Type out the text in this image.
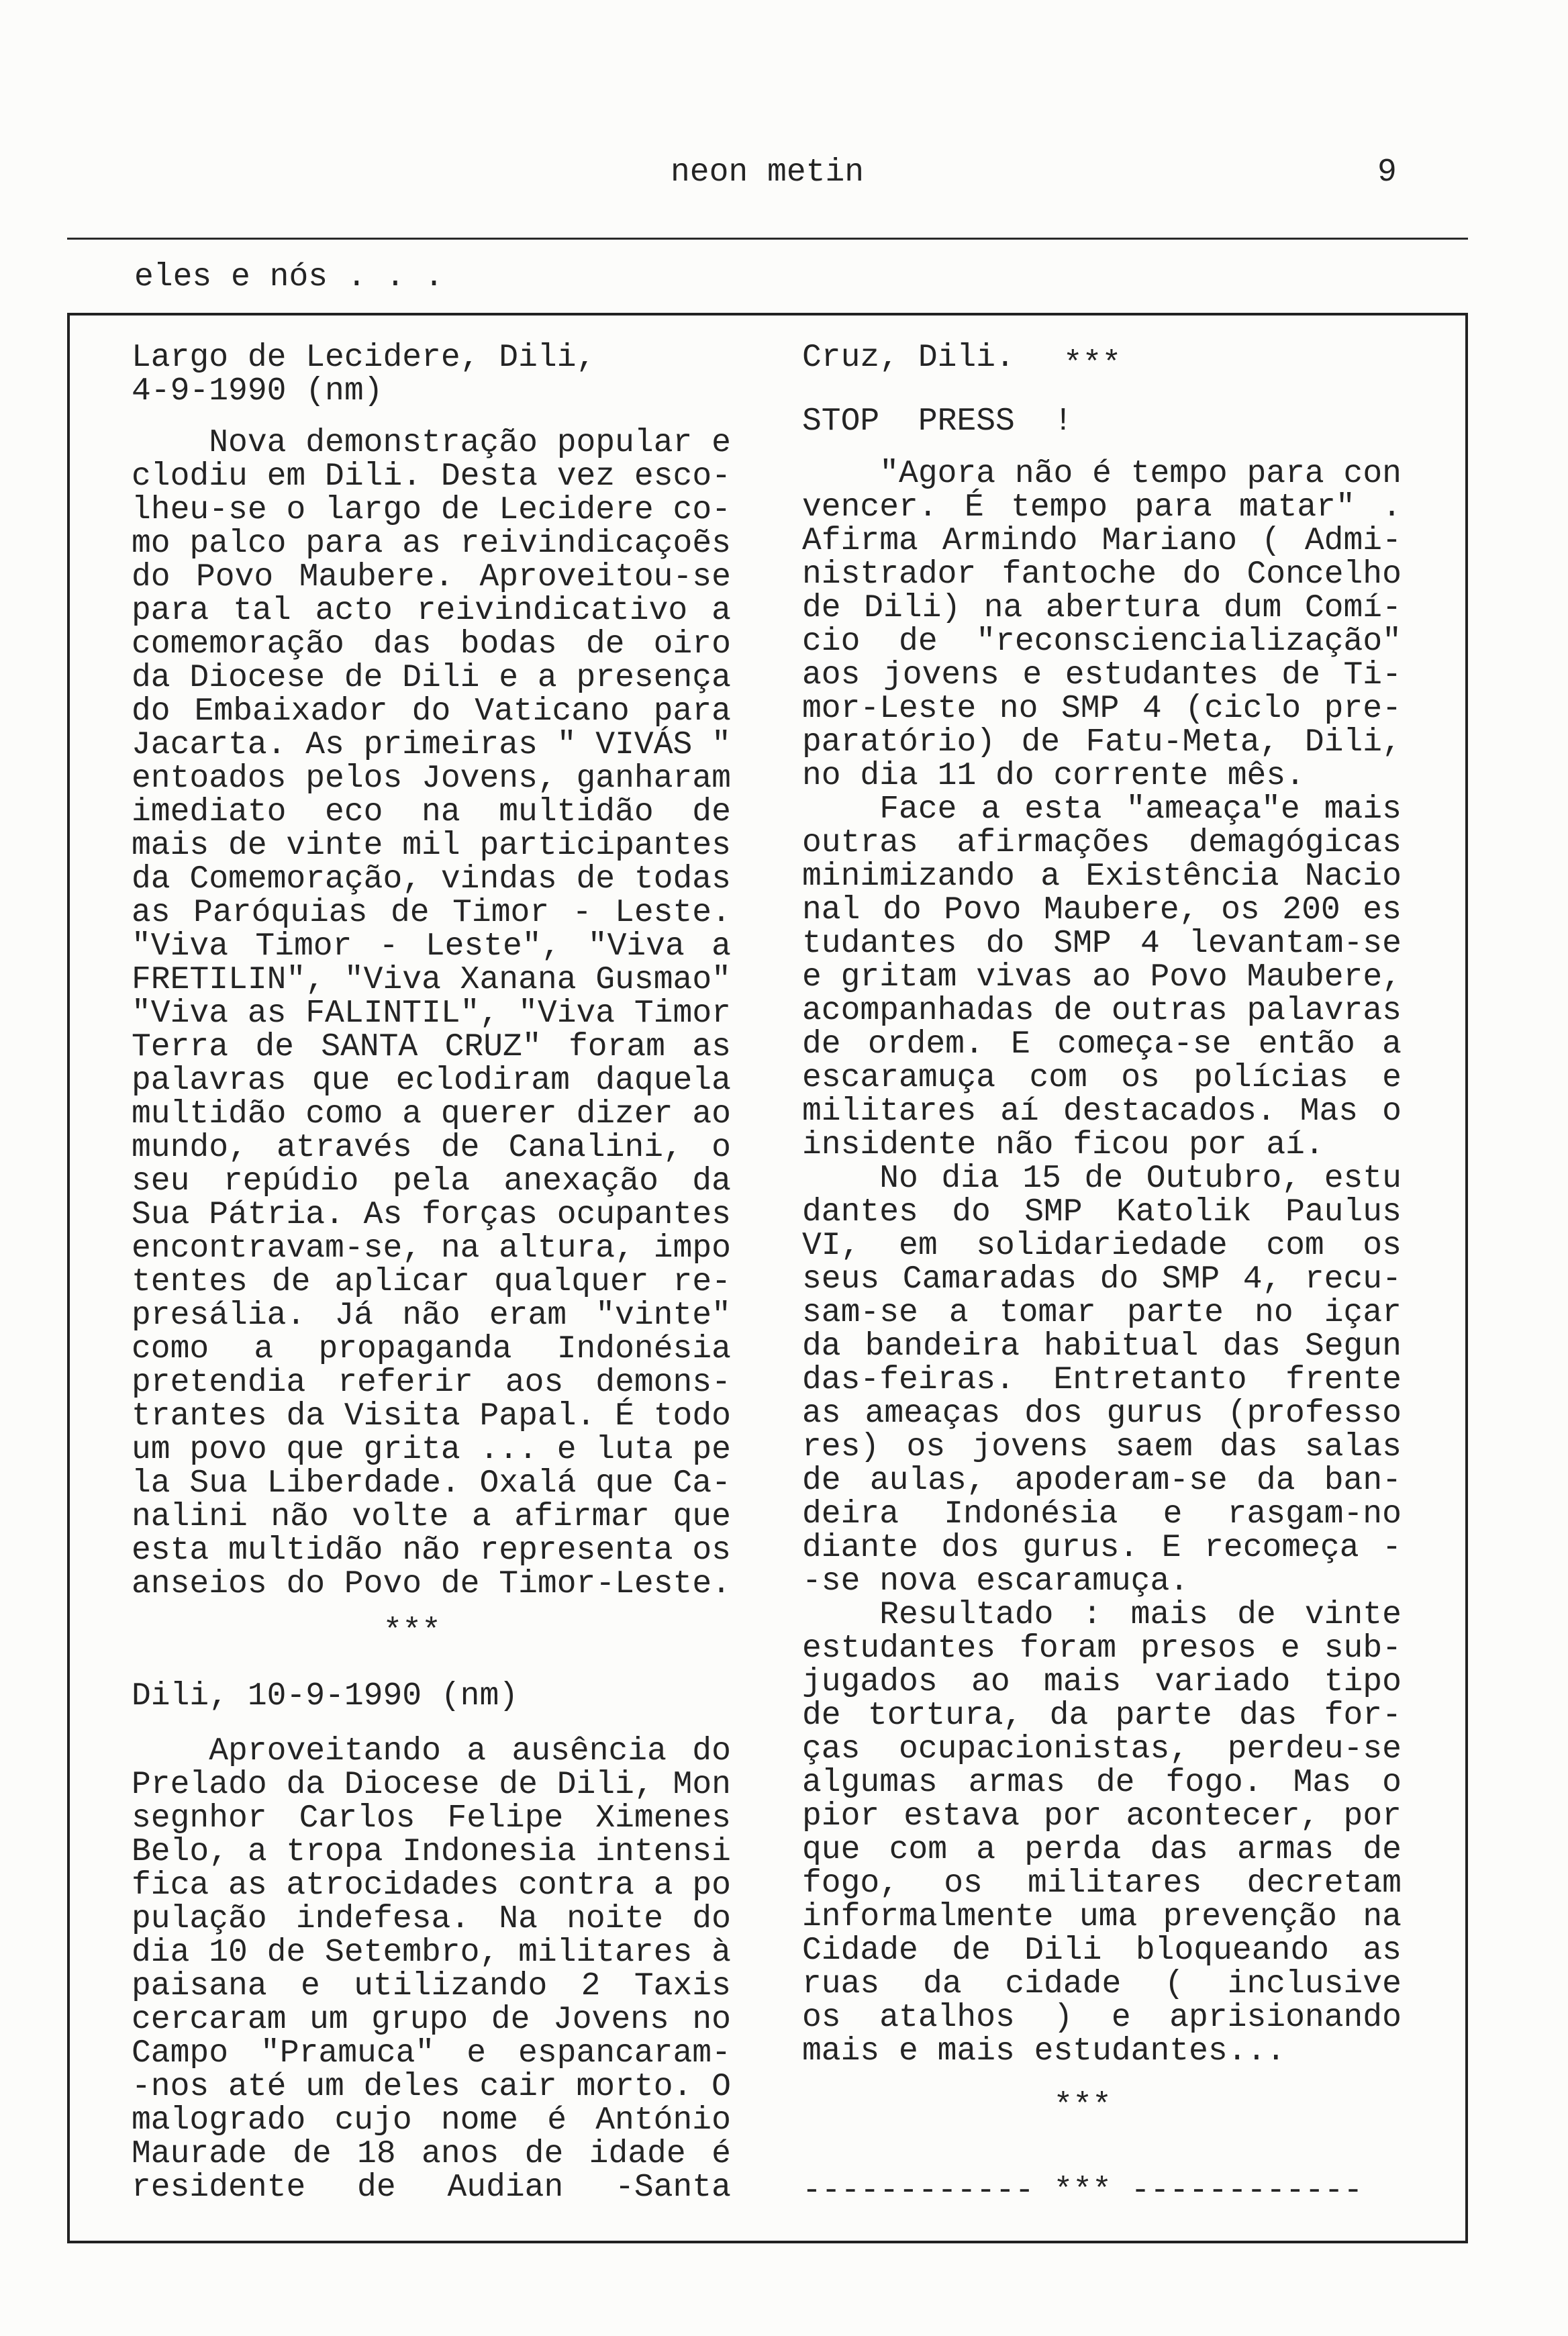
neon metin	9
eles e nós . . .
Largo de Lecidere, Dili,
4-9-1990 (nm)
Nova demonstração popular e
clodiu em Dili. Desta vez esco-
lheu-se o largo de Lecidere co-
mo palco para as reivindicaçoẽs
do Povo Maubere. Aproveitou-se
para tal acto reivindicativo a
comemoração das bodas de oiro
da Diocese de Dili e a presença
do Embaixador do Vaticano para
Jacarta. As primeiras " VIVÁS "
entoados pelos Jovens, ganharam
imediato eco na multidão de
mais de vinte mil participantes
da Comemoração, vindas de todas
as Paróquias de Timor - Leste.
"Viva Timor - Leste", "Viva a
FRETILIN", "Viva Xanana Gusmao"
"Viva as FALINTIL", "Viva Timor
Terra de SANTA CRUZ" foram as
palavras que eclodiram daquela
multidão como a querer dizer ao
mundo, através de Canalini, o
seu repúdio pela anexação da
Sua Pátria. As forças ocupantes
encontravam-se, na altura, impo
tentes de aplicar qualquer re-
presália. Já não eram "vinte"
como a propaganda Indonésia
pretendia referir aos demons-
trantes da Visita Papal. É todo
um povo que grita ... e luta pe
la Sua Liberdade. Oxalá que Ca-
nalini não volte a afirmar que
esta multidão não representa os
anseios do Povo de Timor-Leste.
***
Dili, 10-9-1990 (nm)
Aproveitando a ausência do
Prelado da Diocese de Dili, Mon
segnhor Carlos Felipe Ximenes
Belo, a tropa Indonesia intensi
fica as atrocidades contra a po
pulação indefesa. Na noite do
dia 10 de Setembro, militares à
paisana e utilizando 2 Taxis
cercaram um grupo de Jovens no
Campo "Pramuca" e espancaram-
-nos até um deles cair morto. O
malogrado cujo nome é António
Maurade de 18 anos de idade é
residente de Audian -Santa
Cruz, Dili. ***
STOP PRESS !
"Agora não é tempo para con
vencer. É tempo para matar" .
Afirma Armindo Mariano ( Admi-
nistrador fantoche do Concelho
de Dili) na abertura dum Comí-
cio de "reconsciencialização"
aos jovens e estudantes de Ti-
mor-Leste no SMP 4 (ciclo pre-
paratório) de Fatu-Meta, Dili,
no dia 11 do corrente mês.
Face a esta "ameaça"e mais
outras afirmações demagógicas
minimizando a Existência Nacio
nal do Povo Maubere, os 200 es
tudantes do SMP 4 levantam-se
e gritam vivas ao Povo Maubere,
acompanhadas de outras palavras
de ordem. E começa-se então a
escaramuça com os polícias e
militares aí destacados. Mas o
insidente não ficou por aí.
No dia 15 de Outubro, estu
dantes do SMP Katolik Paulus
VI, em solidariedade com os
seus Camaradas do SMP 4, recu-
sam-se a tomar parte no içar
da bandeira habitual das Segun
das-feiras. Entretanto frente
as ameaças dos gurus (professo
res) os jovens saem das salas
de aulas, apoderam-se da ban-
deira Indonésia e rasgam-no
diante dos gurus. E recomeça -
-se nova escaramuça.
Resultado : mais de vinte
estudantes foram presos e sub-
jugados ao mais variado tipo
de tortura, da parte das for-
ças ocupacionistas, perdeu-se
algumas armas de fogo. Mas o
pior estava por acontecer, por
que com a perda das armas de
fogo, os militares decretam
informalmente uma prevenção na
Cidade de Dili bloqueando as
ruas da cidade ( inclusive
os atalhos ) e aprisionando
mais e mais estudantes...
***
------------ *** ------------
